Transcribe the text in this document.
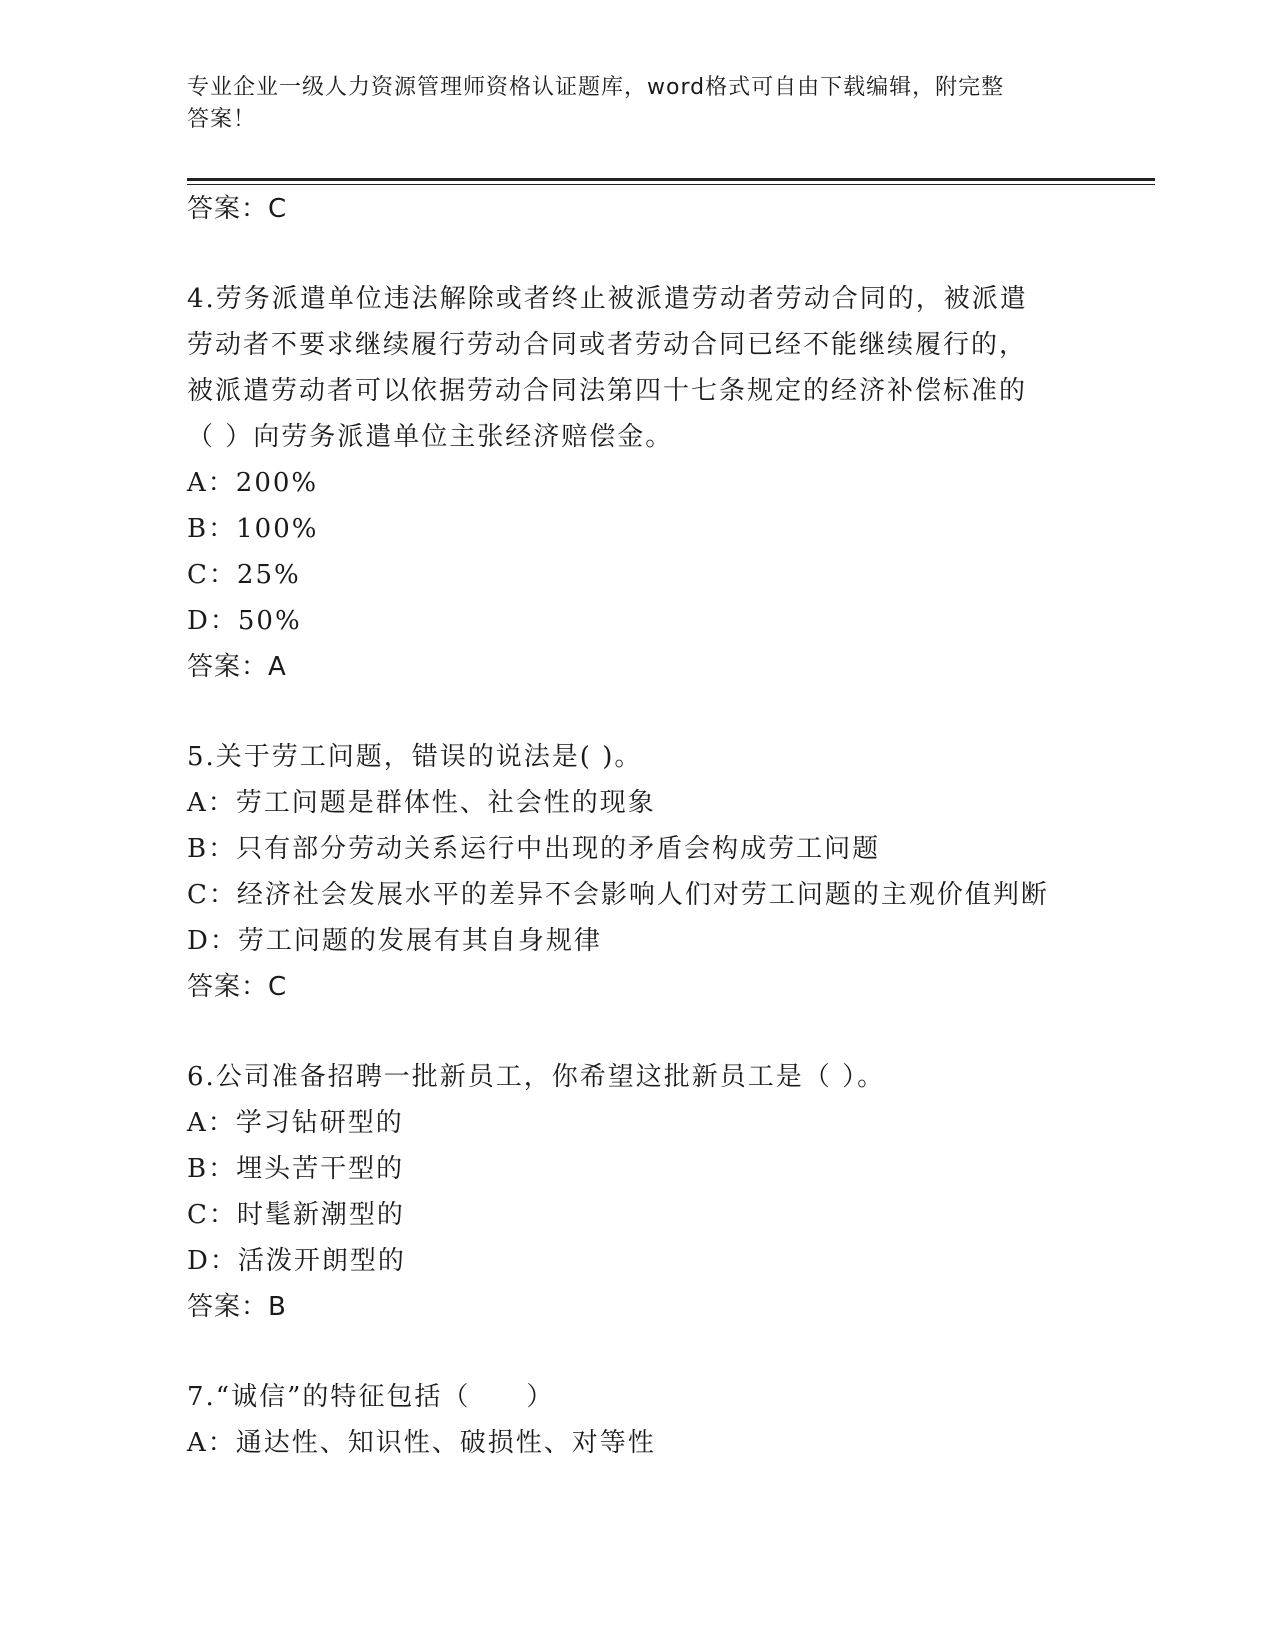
专业企业一级人力资源管理师资格认证题库，word格式可自由下载编辑，附完整
答案！
答案：C
4.劳务派遣单位违法解除或者终止被派遣劳动者劳动合同的，被派遣
劳动者不要求继续履行劳动合同或者劳动合同已经不能继续履行的，
被派遣劳动者可以依据劳动合同法第四十七条规定的经济补偿标准的
（ ）向劳务派遣单位主张经济赔偿金。
A：200%
B：100%
C：25%
D：50%
答案：A
5.关于劳工问题，错误的说法是( )。
A：劳工问题是群体性、社会性的现象
B：只有部分劳动关系运行中出现的矛盾会构成劳工问题
C：经济社会发展水平的差异不会影响人们对劳工问题的主观价值判断
D：劳工问题的发展有其自身规律
答案：C
6.公司准备招聘一批新员工，你希望这批新员工是（ ）。
A：学习钻研型的
B：埋头苦干型的
C：时髦新潮型的
D：活泼开朗型的
答案：B
7.“诚信”的特征包括（　　）
A：通达性、知识性、破损性、对等性
